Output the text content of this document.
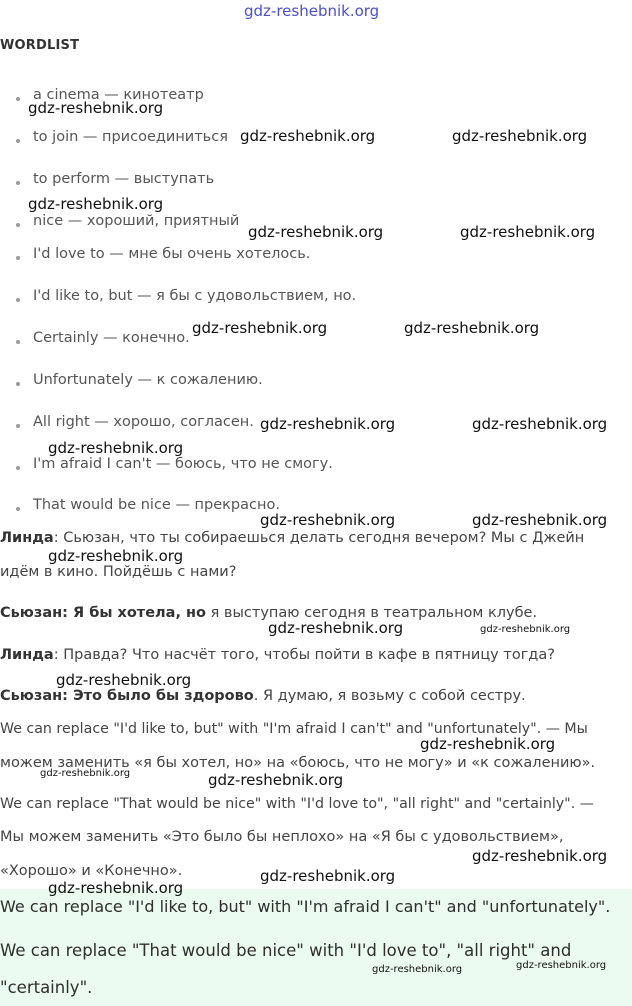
WORDLIST
a cinema — кинотеатр
to join — присоединиться
to perform — выступать
nice — хороший, приятный
I'd love to — мне бы очень хотелось.
I'd like to, but — я бы с удовольствием, но.
Certainly — конечно.
Unfortunately — к сожалению.
All right — хорошо, согласен.
I'm afraid I can't — боюсь, что не смогу.
That would be nice — прекрасно.
Линда: Сьюзан, что ты собираешься делать сегодня вечером? Мы с Джейн
идём в кино. Пойдёшь с нами?
Сьюзан: Я бы хотела, но я выступаю сегодня в театральном клубе.
Линда: Правда? Что насчёт того, чтобы пойти в кафе в пятницу тогда?
Сьюзан: Это было бы здорово. Я думаю, я возьму с собой сестру.
We can replace "I'd like to, but" with "I'm afraid I can't" and "unfortunately". — Мы
можем заменить «я бы хотел, но» на «боюсь, что не могу» и «к сожалению».
We can replace "That would be nice" with "I'd love to", "all right" and "certainly". —
Мы можем заменить «Это было бы неплохо» на «Я бы с удовольствием»,
«Хорошо» и «Конечно».
We can replace "I'd like to, but" with "I'm afraid I can't" and "unfortunately".
We can replace "That would be nice" with "I'd love to", "all right" and
"certainly".
gdz-reshebnik.org
gdz-reshebnik.org
gdz-reshebnik.org	gdz-reshebnik.org
gdz-reshebnik.org
gdz-reshebnik.org	gdz-reshebnik.org
gdz-reshebnik.org	gdz-reshebnik.org
gdz-reshebnik.org	gdz-reshebnik.org
gdz-reshebnik.org
gdz-reshebnik.org	gdz-reshebnik.org
gdz-reshebnik.org
gdz-reshebnik.org	gdz-reshebnik.org
gdz-reshebnik.org
gdz-reshebnik.org
gdz-reshebnik.org	gdz-reshebnik.org
gdz-reshebnik.org
gdz-reshebnik.org
gdz-reshebnik.org
gdz-reshebnik.org	gdz-reshebnik.org
